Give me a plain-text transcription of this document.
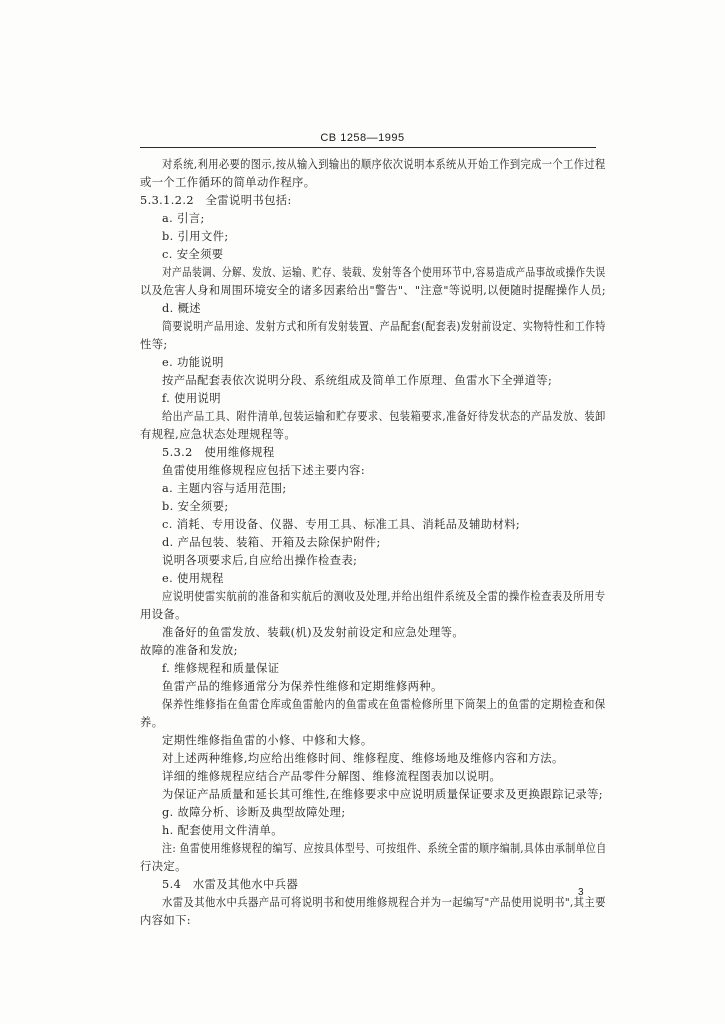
CB 1258—1995
对系统,利用必要的图示,按从输入到输出的顺序依次说明本系统从开始工作到完成一个工作过程
或一个工作循环的简单动作程序。
5.3.1.2.2　全雷说明书包括:
a. 引言;
b. 引用文件;
c. 安全须要
对产品装调、分解、发放、运输、贮存、装载、发射等各个使用环节中,容易造成产品事故或操作失误
以及危害人身和周围环境安全的诸多因素给出"警告"、"注意"等说明,以便随时提醒操作人员;
d. 概述
简要说明产品用途、发射方式和所有发射装置、产品配套(配套表)发射前设定、实物特性和工作特
性等;
e. 功能说明
按产品配套表依次说明分段、系统组成及简单工作原理、鱼雷水下全弹道等;
f. 使用说明
给出产品工具、附件清单,包装运输和贮存要求、包装箱要求,准备好待发状态的产品发放、装卸
有规程,应急状态处理规程等。
5.3.2　使用维修规程
鱼雷使用维修规程应包括下述主要内容:
a. 主题内容与适用范围;
b. 安全须要;
c. 消耗、专用设备、仪器、专用工具、标准工具、消耗品及辅助材料;
d. 产品包装、装箱、开箱及去除保护附件;
说明各项要求后,自应给出操作检查表;
e. 使用规程
应说明使雷实航前的准备和实航后的测收及处理,并给出组件系统及全雷的操作检查表及所用专
用设备。
准备好的鱼雷发放、装载(机)及发射前设定和应急处理等。
故障的准备和发放;
f. 维修规程和质量保证
鱼雷产品的维修通常分为保养性维修和定期维修两种。
保养性维修指在鱼雷仓库或鱼雷舱内的鱼雷或在鱼雷检修所里下筒架上的鱼雷的定期检查和保
养。
定期性维修指鱼雷的小修、中修和大修。
对上述两种维修,均应给出维修时间、维修程度、维修场地及维修内容和方法。
详细的维修规程应结合产品零件分解图、维修流程图表加以说明。
为保证产品质量和延长其可维性,在维修要求中应说明质量保证要求及更换跟踪记录等;
g. 故障分析、诊断及典型故障处理;
h. 配套使用文件清单。
注: 鱼雷使用维修规程的编写、应按具体型号、可按组件、系统全雷的顺序编制,具体由承制单位自
行决定。
5.4　水雷及其他水中兵器
水雷及其他水中兵器产品可将说明书和使用维修规程合并为一起编写"产品使用说明书",其主要
内容如下:
3
